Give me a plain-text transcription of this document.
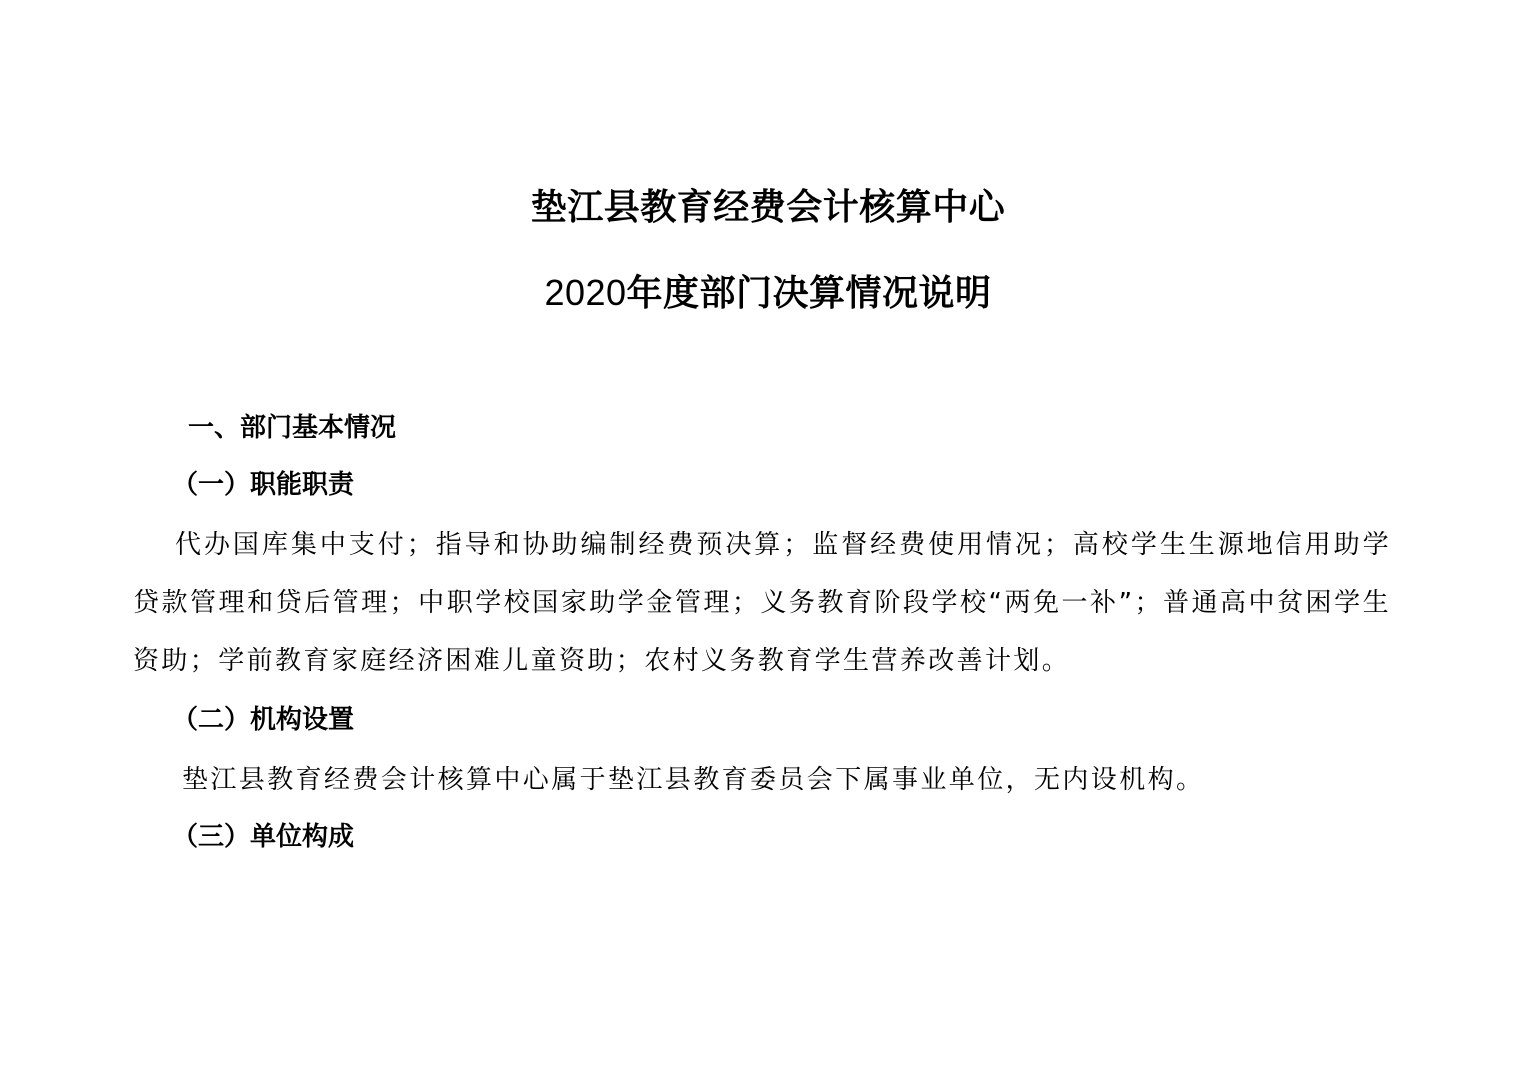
垫江县教育经费会计核算中心
2020年度部门决算情况说明
一、部门基本情况
（一）职能职责

代办国库集中支付；指导和协助编制经费预决算；监督经费使用情况；高校学生生源地信用助学贷款管理和贷后管理；中职学校国家助学金管理；义务教育阶段学校“两免一补”；普通高中贫困学生资助；学前教育家庭经济困难儿童资助；农村义务教育学生营养改善计划。

（二）机构设置

垫江县教育经费会计核算中心属于垫江县教育委员会下属事业单位，无内设机构。

（三）单位构成
